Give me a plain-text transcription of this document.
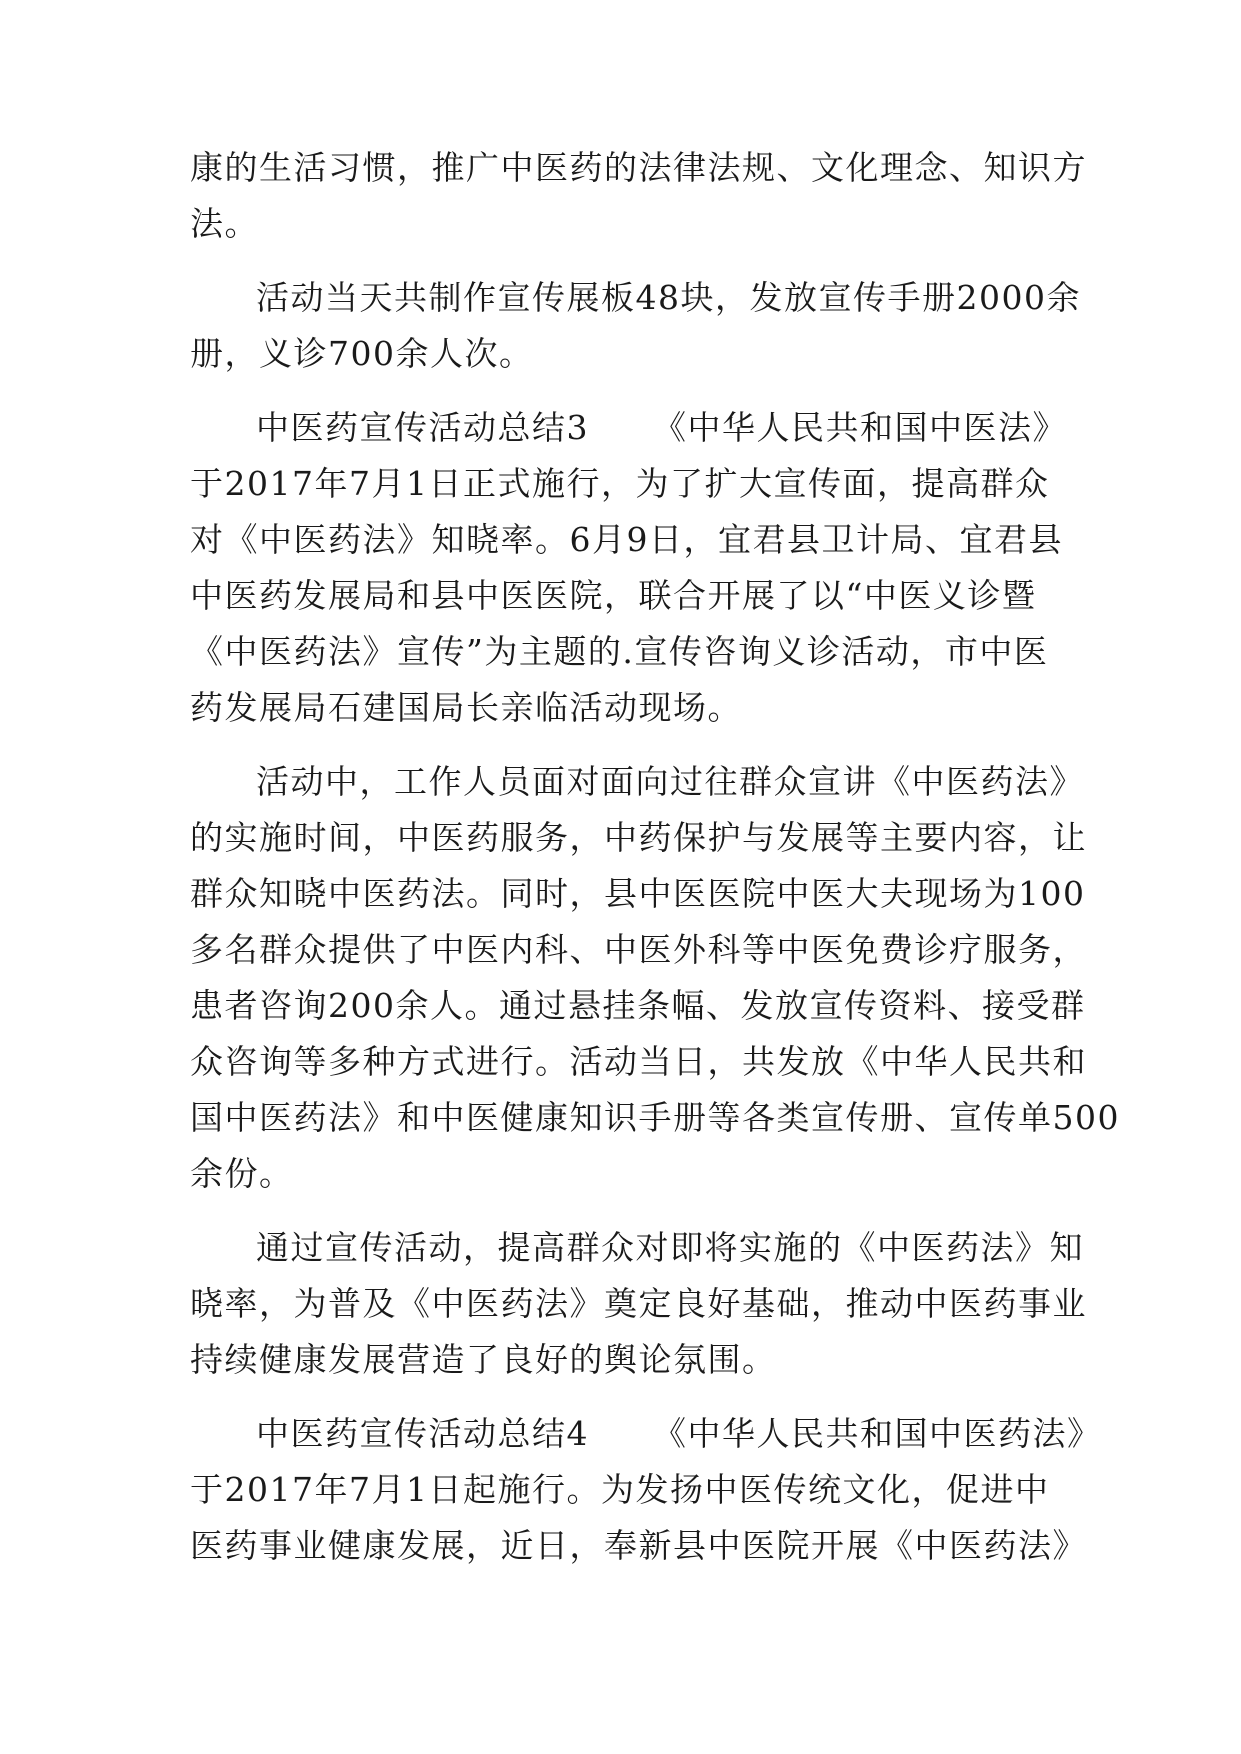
康的生活习惯，推广中医药的法律法规、文化理念、知识方

法。

活动当天共制作宣传展板48块，发放宣传手册2000余

册，义诊700余人次。

中医药宣传活动总结3 《中华人民共和国中医法》

于2017年7月1日正式施行，为了扩大宣传面，提高群众

对《中医药法》知晓率。6月9日，宜君县卫计局、宜君县

中医药发展局和县中医医院，联合开展了以“中医义诊暨

《中医药法》宣传”为主题的.宣传咨询义诊活动，市中医

药发展局石建国局长亲临活动现场。

活动中，工作人员面对面向过往群众宣讲《中医药法》

的实施时间，中医药服务，中药保护与发展等主要内容，让

群众知晓中医药法。同时，县中医医院中医大夫现场为100

多名群众提供了中医内科、中医外科等中医免费诊疗服务，

患者咨询200余人。通过悬挂条幅、发放宣传资料、接受群

众咨询等多种方式进行。活动当日，共发放《中华人民共和

国中医药法》和中医健康知识手册等各类宣传册、宣传单500

余份。

通过宣传活动，提高群众对即将实施的《中医药法》知

晓率，为普及《中医药法》奠定良好基础，推动中医药事业

持续健康发展营造了良好的舆论氛围。

中医药宣传活动总结4 《中华人民共和国中医药法》

于2017年7月1日起施行。为发扬中医传统文化，促进中

医药事业健康发展，近日，奉新县中医院开展《中医药法》
